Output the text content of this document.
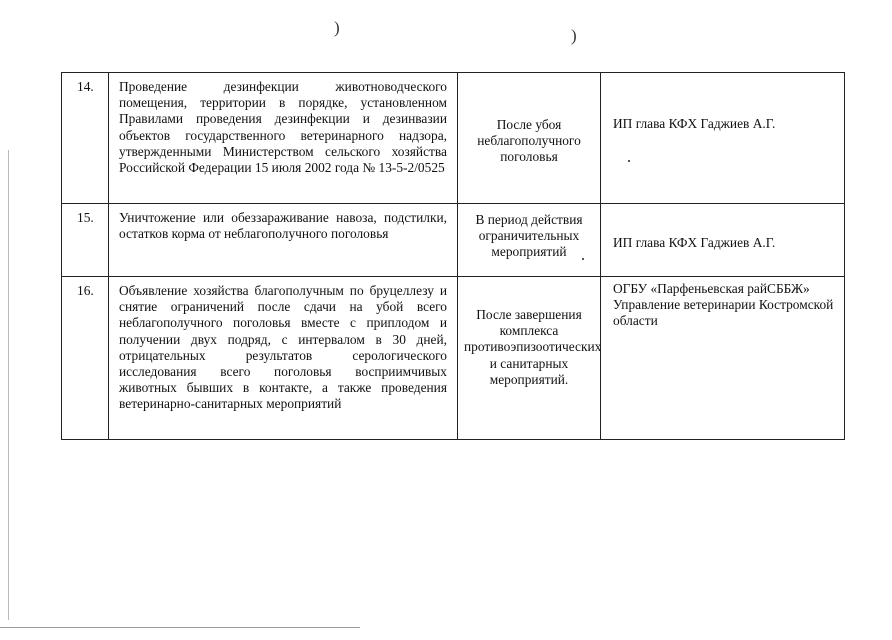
)	)
14.	Проведение дезинфекции животноводческого помещения, территории в порядке, установленном Правилами проведения дезинфекции и дезинвазии объектов государственного ветеринарного надзора, утвержденными Министерством сельского хозяйства Российской Федерации 15 июля 2002 года № 13-5-2/0525	После убоя неблагополучного поголовья	ИП глава КФХ Гаджиев А.Г.

15.	Уничтожение или обеззараживание навоза, подстилки, остатков корма от неблагополучного поголовья	В период действия ограничительных мероприятий	ИП глава КФХ Гаджиев А.Г.

16.	Объявление хозяйства благополучным по бруцеллезу и снятие ограничений после сдачи на убой всего неблагополучного поголовья вместе с приплодом и получении двух подряд, с интервалом в 30 дней, отрицательных результатов серологического исследования всего поголовья восприимчивых животных бывших в контакте, а также проведения ветеринарно-санитарных мероприятий	После завершения комплекса противоэпизоотических и санитарных мероприятий.	ОГБУ «Парфеньевская райСББЖ»
Управление ветеринарии Костромской области
